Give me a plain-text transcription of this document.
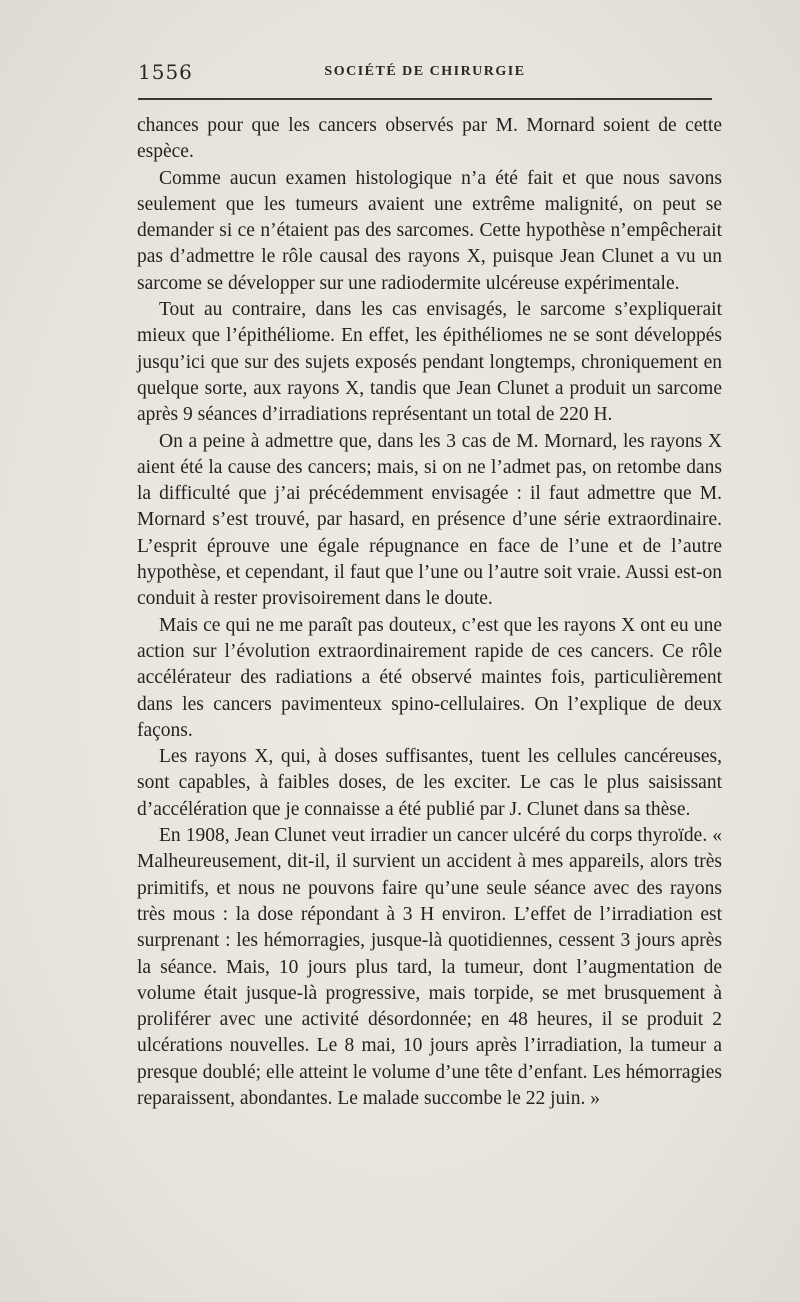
1556	SOCIÉTÉ DE CHIRURGIE

chances pour que les cancers observés par M. Mornard soient de cette espèce.

Comme aucun examen histologique n’a été fait et que nous savons seulement que les tumeurs avaient une extrême malignité, on peut se demander si ce n’étaient pas des sarcomes. Cette hypothèse n’empêcherait pas d’admettre le rôle causal des rayons X, puisque Jean Clunet a vu un sarcome se développer sur une radiodermite ulcéreuse expérimentale.

Tout au contraire, dans les cas envisagés, le sarcome s’expliquerait mieux que l’épithéliome. En effet, les épithéliomes ne se sont développés jusqu’ici que sur des sujets exposés pendant longtemps, chroniquement en quelque sorte, aux rayons X, tandis que Jean Clunet a produit un sarcome après 9 séances d’irradiations représentant un total de 220 H.

On a peine à admettre que, dans les 3 cas de M. Mornard, les rayons X aient été la cause des cancers; mais, si on ne l’admet pas, on retombe dans la difficulté que j’ai précédemment envisagée : il faut admettre que M. Mornard s’est trouvé, par hasard, en présence d’une série extraordinaire. L’esprit éprouve une égale répugnance en face de l’une et de l’autre hypothèse, et cependant, il faut que l’une ou l’autre soit vraie. Aussi est-on conduit à rester provisoirement dans le doute.

Mais ce qui ne me paraît pas douteux, c’est que les rayons X ont eu une action sur l’évolution extraordinairement rapide de ces cancers. Ce rôle accélérateur des radiations a été observé maintes fois, particulièrement dans les cancers pavimenteux spino-cellulaires. On l’explique de deux façons.

Les rayons X, qui, à doses suffisantes, tuent les cellules cancéreuses, sont capables, à faibles doses, de les exciter. Le cas le plus saisissant d’accélération que je connaisse a été publié par J. Clunet dans sa thèse.

En 1908, Jean Clunet veut irradier un cancer ulcéré du corps thyroïde. « Malheureusement, dit-il, il survient un accident à mes appareils, alors très primitifs, et nous ne pouvons faire qu’une seule séance avec des rayons très mous : la dose répondant à 3 H environ. L’effet de l’irradiation est surprenant : les hémorragies, jusque-là quotidiennes, cessent 3 jours après la séance. Mais, 10 jours plus tard, la tumeur, dont l’augmentation de volume était jusque-là progressive, mais torpide, se met brusquement à proliférer avec une activité désordonnée; en 48 heures, il se produit 2 ulcérations nouvelles. Le 8 mai, 10 jours après l’irradiation, la tumeur a presque doublé; elle atteint le volume d’une tête d’enfant. Les hémorragies reparaissent, abondantes. Le malade succombe le 22 juin. »
